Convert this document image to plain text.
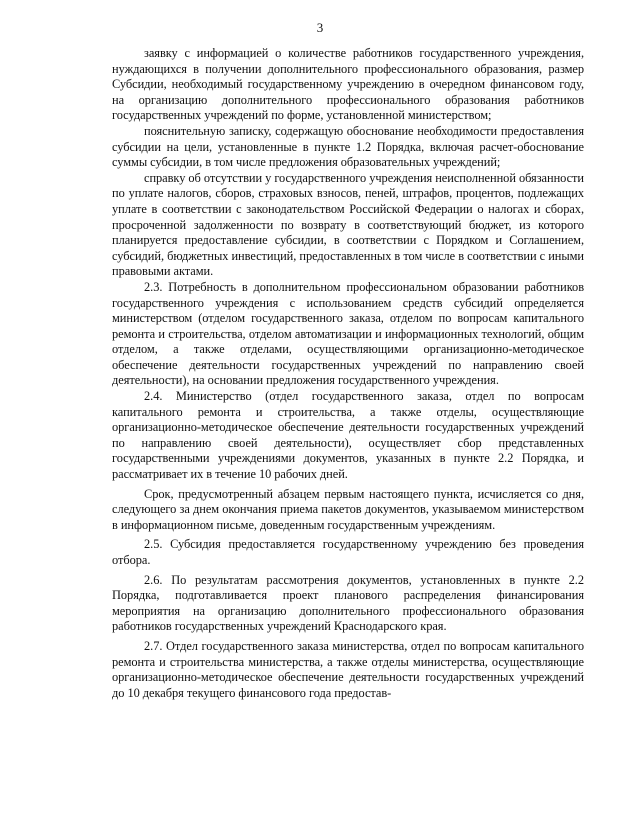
3

заявку с информацией о количестве работников государственного учреждения, нуждающихся в получении дополнительного профессионального образования, размер Субсидии, необходимый государственному учреждению в очередном финансовом году, на организацию дополнительного профессионального образования работников государственных учреждений по форме, установленной министерством;

пояснительную записку, содержащую обоснование необходимости предоставления субсидии на цели, установленные в пункте 1.2 Порядка, включая расчет-обоснование суммы субсидии, в том числе предложения образовательных учреждений;

справку об отсутствии у государственного учреждения неисполненной обязанности по уплате налогов, сборов, страховых взносов, пеней, штрафов, процентов, подлежащих уплате в соответствии с законодательством Российской Федерации о налогах и сборах, просроченной задолженности по возврату в соответствующий бюджет, из которого планируется предоставление субсидии, в соответствии с Порядком и Соглашением, субсидий, бюджетных инвестиций, предоставленных в том числе в соответствии с иными правовыми актами.

2.3. Потребность в дополнительном профессиональном образовании работников государственного учреждения с использованием средств субсидий определяется министерством (отделом государственного заказа, отделом по вопросам капитального ремонта и строительства, отделом автоматизации и информационных технологий, общим отделом, а также отделами, осуществляющими организационно-методическое обеспечение деятельности государственных учреждений по направлению своей деятельности), на основании предложения государственного учреждения.

2.4. Министерство (отдел государственного заказа, отдел по вопросам капитального ремонта и строительства, а также отделы, осуществляющие организационно-методическое обеспечение деятельности государственных учреждений по направлению своей деятельности), осуществляет сбор представленных государственными учреждениями документов, указанных в пункте 2.2 Порядка, и рассматривает их в течение 10 рабочих дней.

Срок, предусмотренный абзацем первым настоящего пункта, исчисляется со дня, следующего за днем окончания приема пакетов документов, указываемом министерством в информационном письме, доведенным государственным учреждениям.

2.5. Субсидия предоставляется государственному учреждению без проведения отбора.

2.6. По результатам рассмотрения документов, установленных в пункте 2.2 Порядка, подготавливается проект планового распределения финансирования мероприятия на организацию дополнительного профессионального образования работников государственных учреждений Краснодарского края.

2.7. Отдел государственного заказа министерства, отдел по вопросам капитального ремонта и строительства министерства, а также отделы министерства, осуществляющие организационно-методическое обеспечение деятельности государственных учреждений до 10 декабря текущего финансового года предостав-
